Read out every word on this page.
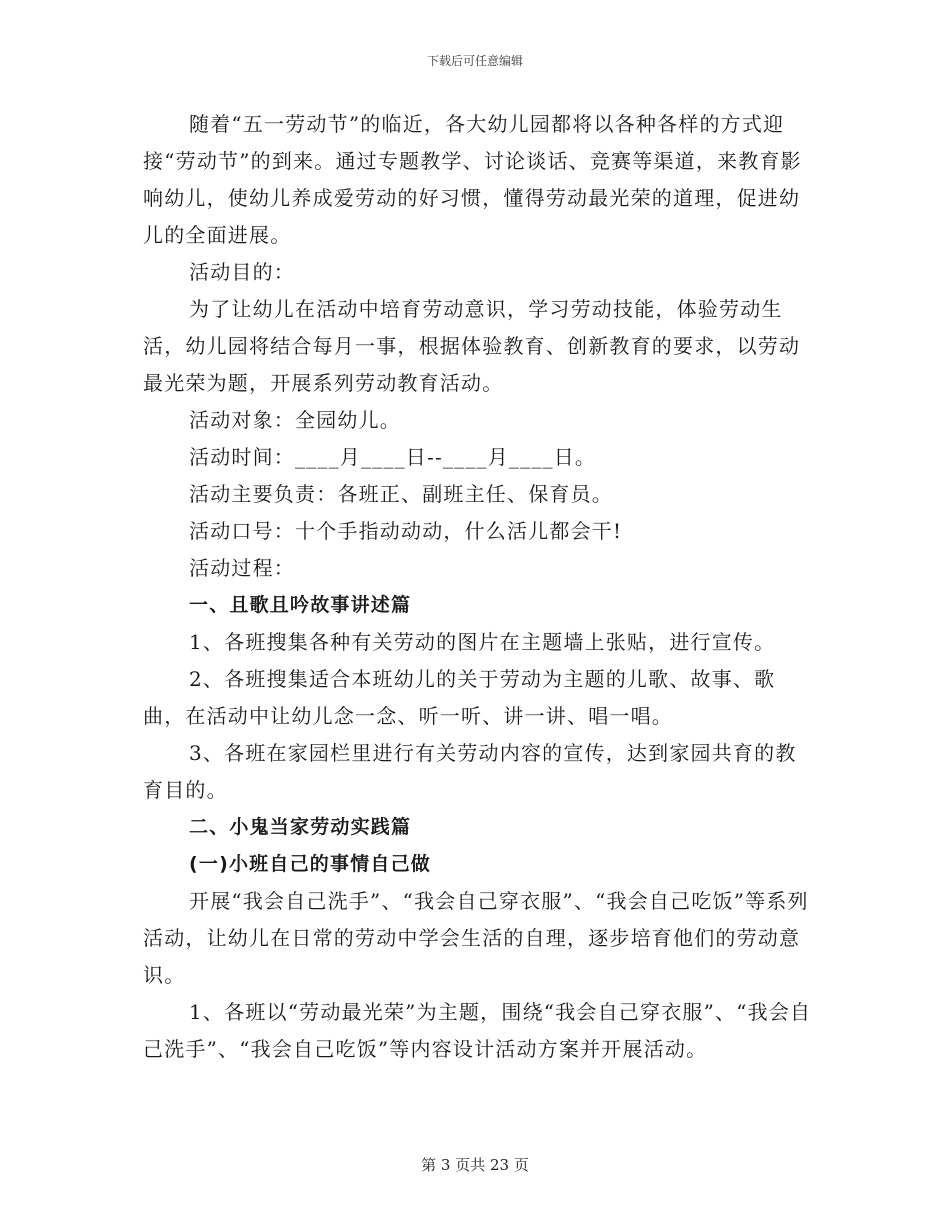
下载后可任意编辑

随着“五一劳动节”的临近，各大幼儿园都将以各种各样的方式迎接“劳动节”的到来。通过专题教学、讨论谈话、竞赛等渠道，来教育影响幼儿，使幼儿养成爱劳动的好习惯，懂得劳动最光荣的道理，促进幼儿的全面进展。

活动目的：

为了让幼儿在活动中培育劳动意识，学习劳动技能，体验劳动生活，幼儿园将结合每月一事，根据体验教育、创新教育的要求，以劳动最光荣为题，开展系列劳动教育活动。

活动对象：全园幼儿。

活动时间：____月____日--____月____日。

活动主要负责：各班正、副班主任、保育员。

活动口号：十个手指动动动，什么活儿都会干!

活动过程：

一、且歌且吟故事讲述篇

1、各班搜集各种有关劳动的图片在主题墙上张贴，进行宣传。

2、各班搜集适合本班幼儿的关于劳动为主题的儿歌、故事、歌曲，在活动中让幼儿念一念、听一听、讲一讲、唱一唱。

3、各班在家园栏里进行有关劳动内容的宣传，达到家园共育的教育目的。

二、小鬼当家劳动实践篇

(一)小班自己的事情自己做

开展“我会自己洗手”、“我会自己穿衣服”、“我会自己吃饭”等系列活动，让幼儿在日常的劳动中学会生活的自理，逐步培育他们的劳动意识。

1、各班以“劳动最光荣”为主题，围绕“我会自己穿衣服”、“我会自己洗手”、“我会自己吃饭”等内容设计活动方案并开展活动。

第 3 页共 23 页
